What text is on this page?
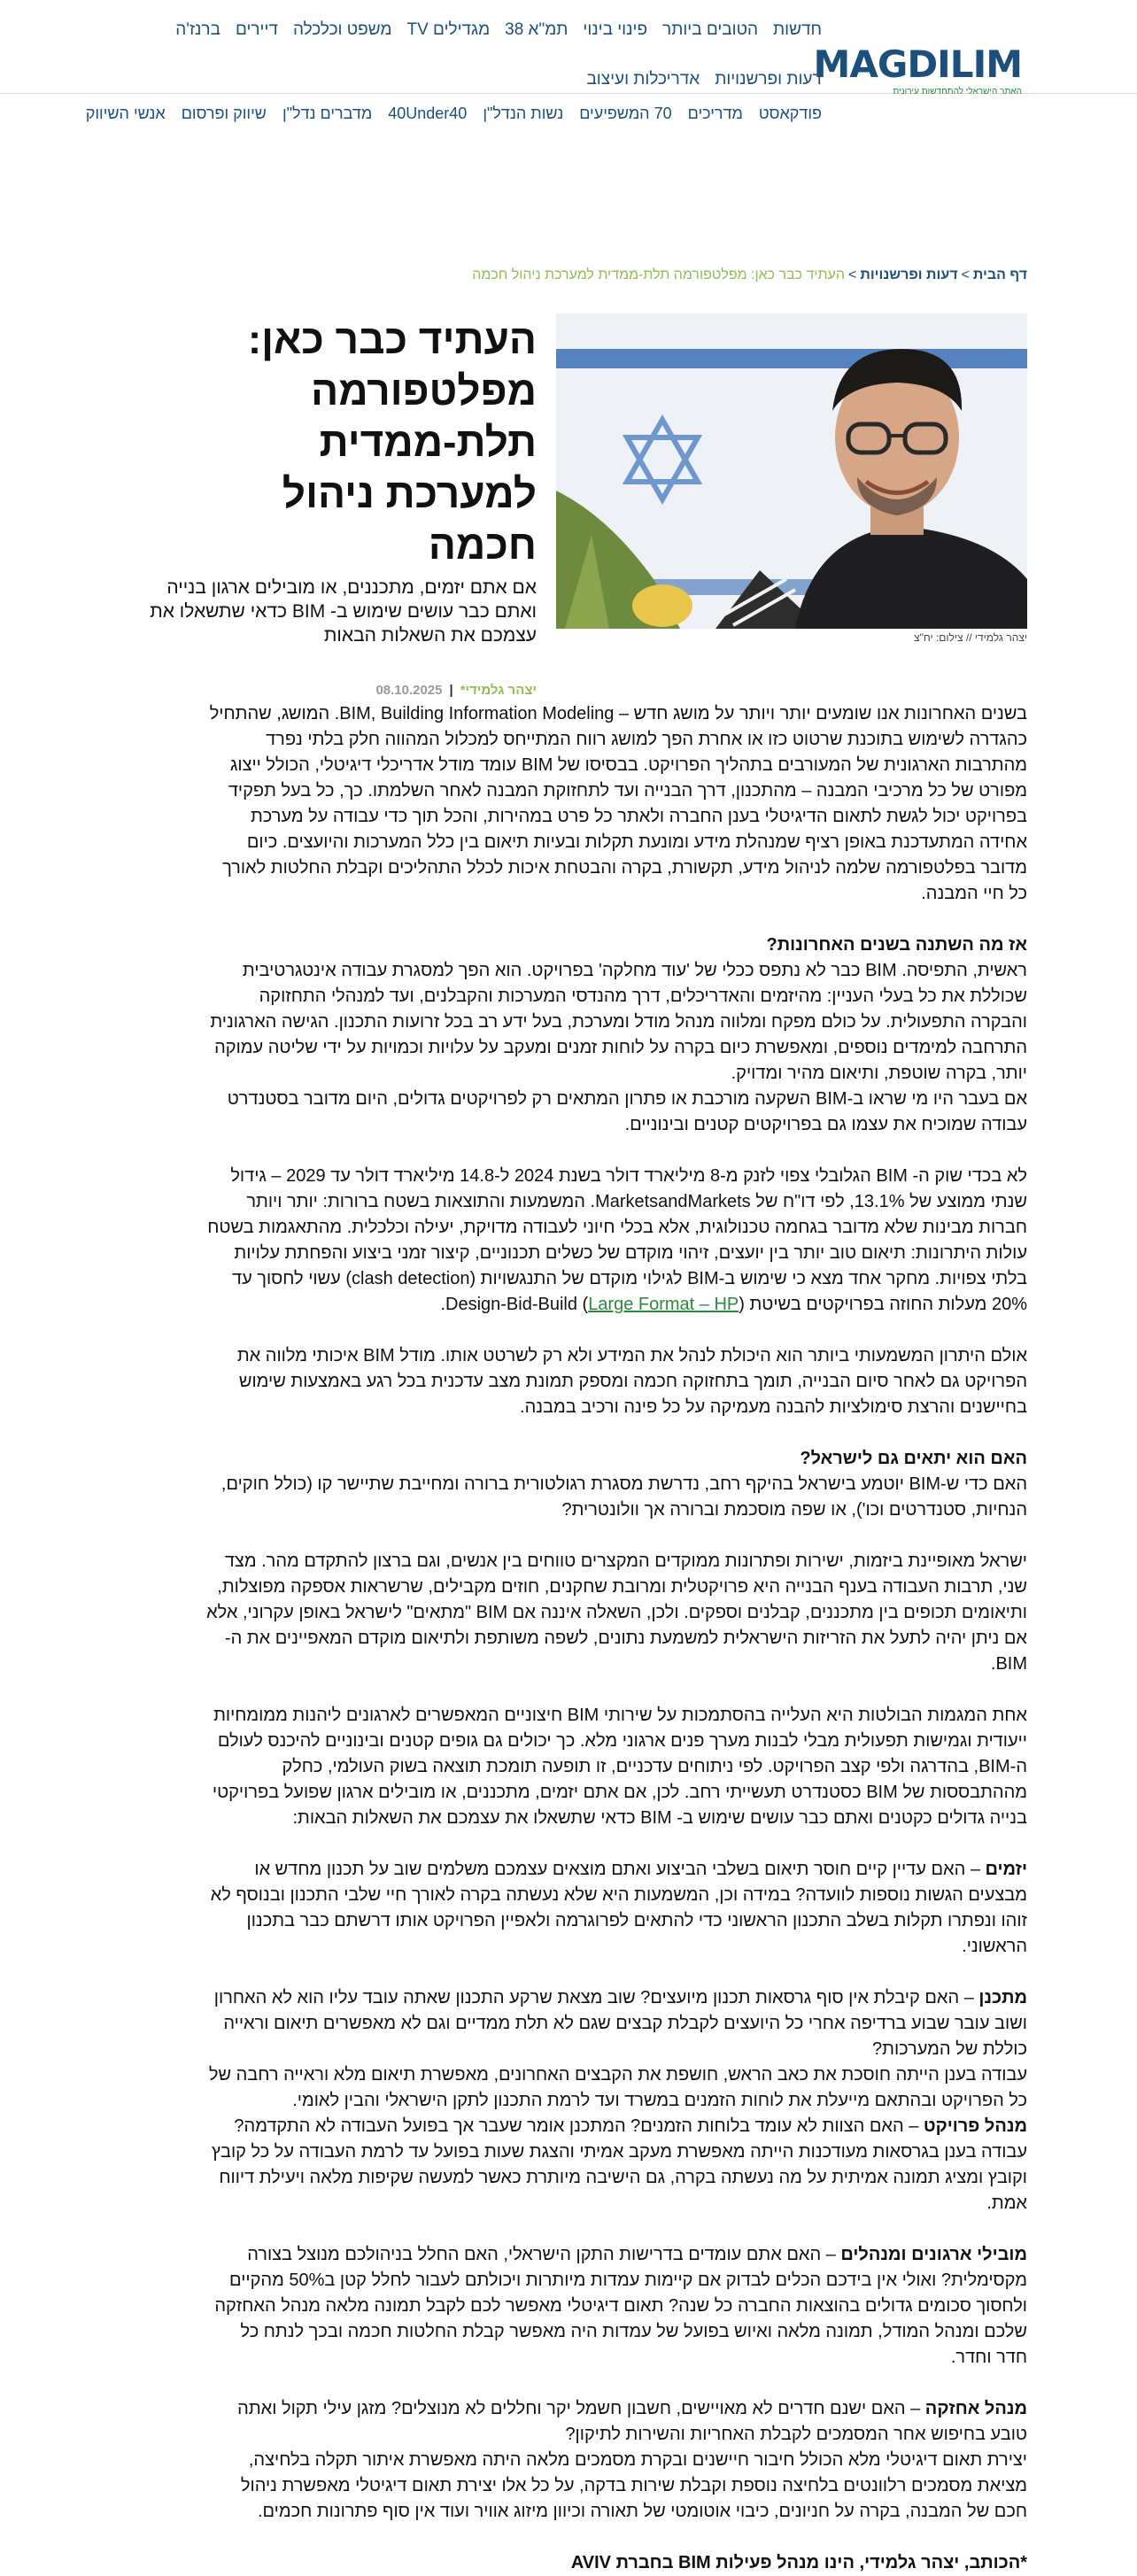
חדשות
הטובים ביותר
פינוי בינוי
תמ"א 38
מגדילים TV
משפט וכלכלה
דיירים
ברנז'ה
דעות ופרשנויות
אדריכלות ועיצוב	MAGDILIM
האתר הישראלי להתחדשות עירונית
פודקאסט
מדריכים
70 המשפיעים
נשות הנדל"ן
40Under40
מדברים נדל"ן
שיווק ופרסום
אנשי השיווק
דף הבית
>
דעות ופרשנויות
>
העתיד כבר כאן: מפלטפורמה תלת-ממדית למערכת ניהול חכמה
יצהר גלמידי // צילום: יח"צ
העתיד כבר כאן: מפלטפורמה תלת-ממדית למערכת ניהול חכמה

אם אתם יזמים, מתכננים, או מובילים ארגון בנייה ואתם כבר עושים שימוש ב- BIM כדאי שתשאלו את עצמכם את השאלות הבאות

יצהר גלמידי*
|
08.10.2025

בשנים האחרונות אנו שומעים יותר ויותר על מושג חדש – BIM, Building Information Modeling. המושג, שהתחיל כהגדרה לשימוש בתוכנת שרטוט כזו או אחרת הפך למושג רווח המתייחס למכלול המהווה חלק בלתי נפרד מהתרבות הארגונית של המעורבים בתהליך הפרויקט. בבסיסו של BIM עומד מודל אדריכלי דיגיטלי, הכולל ייצוג מפורט של כל מרכיבי המבנה – מהתכנון, דרך הבנייה ועד לתחזוקת המבנה לאחר השלמתו. כך, כל בעל תפקיד בפרויקט יכול לגשת לתאום הדיגיטלי בענן החברה ולאתר כל פרט במהירות, והכל תוך כדי עבודה על מערכת אחידה המתעדכנת באופן רציף שמנהלת מידע ומונעת תקלות ובעיות תיאום בין כלל המערכות והיועצים. כיום מדובר בפלטפורמה שלמה לניהול מידע, תקשורת, בקרה והבטחת איכות לכלל התהליכים וקבלת החלטות לאורך כל חיי המבנה.

אז מה השתנה בשנים האחרונות?

ראשית, התפיסה. BIM כבר לא נתפס ככלי של 'עוד מחלקה' בפרויקט. הוא הפך למסגרת עבודה אינטגרטיבית שכוללת את כל בעלי העניין: מהיזמים והאדריכלים, דרך מהנדסי המערכות והקבלנים, ועד למנהלי התחזוקה והבקרה התפעולית. על כולם מפקח ומלווה מנהל מודל ומערכת, בעל ידע רב בכל זרועות התכנון. הגישה הארגונית התרחבה למימדים נוספים, ומאפשרת כיום בקרה על לוחות זמנים ומעקב על עלויות וכמויות על ידי שליטה עמוקה יותר, בקרה שוטפת, ותיאום מהיר ומדויק.

אם בעבר היו מי שראו ב-BIM השקעה מורכבת או פתרון המתאים רק לפרויקטים גדולים, היום מדובר בסטנדרט עבודה שמוכיח את עצמו גם בפרויקטים קטנים ובינוניים.

לא בכדי שוק ה- BIM הגלובלי צפוי לזנק מ-8 מיליארד דולר בשנת 2024 ל-14.8 מיליארד דולר עד 2029 – גידול שנתי ממוצע של 13.1%, לפי דו"ח של MarketsandMarkets. המשמעות והתוצאות בשטח ברורות: יותר ויותר חברות מבינות שלא מדובר בגחמה טכנולוגית, אלא בכלי חיוני לעבודה מדויקת, יעילה וכלכלית. מהתאגמות בשטח עולות היתרונות: תיאום טוב יותר בין יועצים, זיהוי מוקדם של כשלים תכנוניים, קיצור זמני ביצוע והפחתת עלויות בלתי צפויות. מחקר אחד מצא כי שימוש ב-BIM לגילוי מוקדם של התנגשויות (clash detection) עשוי לחסוך עד 20% מעלות החוזה בפרויקטים בשיטת (Large Format – HP) Design-Bid-Build.

אולם היתרון המשמעותי ביותר הוא היכולת לנהל את המידע ולא רק לשרטט אותו. מודל BIM איכותי מלווה את הפרויקט גם לאחר סיום הבנייה, תומך בתחזוקה חכמה ומספק תמונת מצב עדכנית בכל רגע באמצעות שימוש בחיישנים והרצת סימולציות להבנה מעמיקה על כל פינה ורכיב במבנה.

האם הוא יתאים גם לישראל?

האם כדי ש-BIM יוטמע בישראל בהיקף רחב, נדרשת מסגרת רגולטורית ברורה ומחייבת שתיישר קו (כולל חוקים, הנחיות, סטנדרטים וכו'), או שפה מוסכמת וברורה אך וולונטרית?

ישראל מאופיינת ביזמות, ישירות ופתרונות ממוקדים המקצרים טווחים בין אנשים, וגם ברצון להתקדם מהר. מצד שני, תרבות העבודה בענף הבנייה היא פרויקטלית ומרובת שחקנים, חוזים מקבילים, שרשראות אספקה מפוצלות, ותיאומים תכופים בין מתכננים, קבלנים וספקים. ולכן, השאלה איננה אם BIM "מתאים" לישראל באופן עקרוני, אלא אם ניתן יהיה לתעל את הזריזות הישראלית למשמעת נתונים, לשפה משותפת ולתיאום מוקדם המאפיינים את ה-BIM.

אחת המגמות הבולטות היא העלייה בהסתמכות על שירותי BIM חיצוניים המאפשרים לארגונים ליהנות ממומחיות ייעודית וגמישות תפעולית מבלי לבנות מערך פנים ארגוני מלא. כך יכולים גם גופים קטנים ובינוניים להיכנס לעולם ה-BIM, בהדרגה ולפי קצב הפרויקט. לפי ניתוחים עדכניים, זו תופעה תומכת תוצאה בשוק העולמי, כחלק מההתבססות של BIM כסטנדרט תעשייתי רחב. לכן, אם אתם יזמים, מתכננים, או מובילים ארגון שפועל בפרויקטי בנייה גדולים כקטנים ואתם כבר עושים שימוש ב- BIM כדאי שתשאלו את עצמכם את השאלות הבאות:

יזמים – האם עדיין קיים חוסר תיאום בשלבי הביצוע ואתם מוצאים עצמכם משלמים שוב על תכנון מחדש או מבצעים הגשות נוספות לוועדה? במידה וכן, המשמעות היא שלא נעשתה בקרה לאורך חיי שלבי התכנון ובנוסף לא זוהו ונפתרו תקלות בשלב התכנון הראשוני כדי להתאים לפרוגרמה ולאפיין הפרויקט אותו דרשתם כבר בתכנון הראשוני.

מתכנן – האם קיבלת אין סוף גרסאות תכנון מיועצים? שוב מצאת שרקע התכנון שאתה עובד עליו הוא לא האחרון ושוב עובר שבוע ברדיפה אחרי כל היועצים לקבלת קבצים שגם לא תלת ממדיים וגם לא מאפשרים תיאום וראייה כוללת של המערכות?

עבודה בענן הייתה חוסכת את כאב הראש, חושפת את הקבצים האחרונים, מאפשרת תיאום מלא וראייה רחבה של כל הפרויקט ובהתאם מייעלת את לוחות הזמנים במשרד ועד לרמת התכנון לתקן הישראלי והבין לאומי.

מנהל פרויקט – האם הצוות לא עומד בלוחות הזמנים? המתכנן אומר שעבר אך בפועל העבודה לא התקדמה? עבודה בענן בגרסאות מעודכנות הייתה מאפשרת מעקב אמיתי והצגת שעות בפועל עד לרמת העבודה על כל קובץ וקובץ ומציג תמונה אמיתית על מה נעשתה בקרה, גם הישיבה מיותרת כאשר למעשה שקיפות מלאה ויעילת דיווח אמת.

מובילי ארגונים ומנהלים – האם אתם עומדים בדרישות התקן הישראלי, האם החלל בניהולכם מנוצל בצורה מקסימלית? ואולי אין בידכם הכלים לבדוק אם קיימות עמדות מיותרות ויכולתם לעבור לחלל קטן ב50% מהקיים ולחסוך סכומים גדולים בהוצאות החברה כל שנה? תאום דיגיטלי מאפשר לכם לקבל תמונה מלאה מנהל האחזקה שלכם ומנהל המודל, תמונה מלאה ואיוש בפועל של עמדות היה מאפשר קבלת החלטות חכמה ובכך לנתח כל חדר וחדר.

מנהל אחזקה – האם ישנם חדרים לא מאויישים, חשבון חשמל יקר וחללים לא מנוצלים? מזגן עילי תקול ואתה טובע בחיפוש אחר המסמכים לקבלת האחריות והשירות לתיקון?

יצירת תאום דיגיטלי מלא הכולל חיבור חיישנים ובקרת מסמכים מלאה היתה מאפשרת איתור תקלה בלחיצה, מציאת מסמכים רלוונטים בלחיצה נוספת וקבלת שירות בדקה, על כל אלו יצירת תאום דיגיטלי מאפשרת ניהול חכם של המבנה, בקרה על חניונים, כיבוי אוטומטי של תאורה וכיוון מיזוג אוויר ועוד אין סוף פתרונות חכמים.

*הכותב, יצהר גלמידי, הינו מנהל פעילות BIM בחברת AVIV
